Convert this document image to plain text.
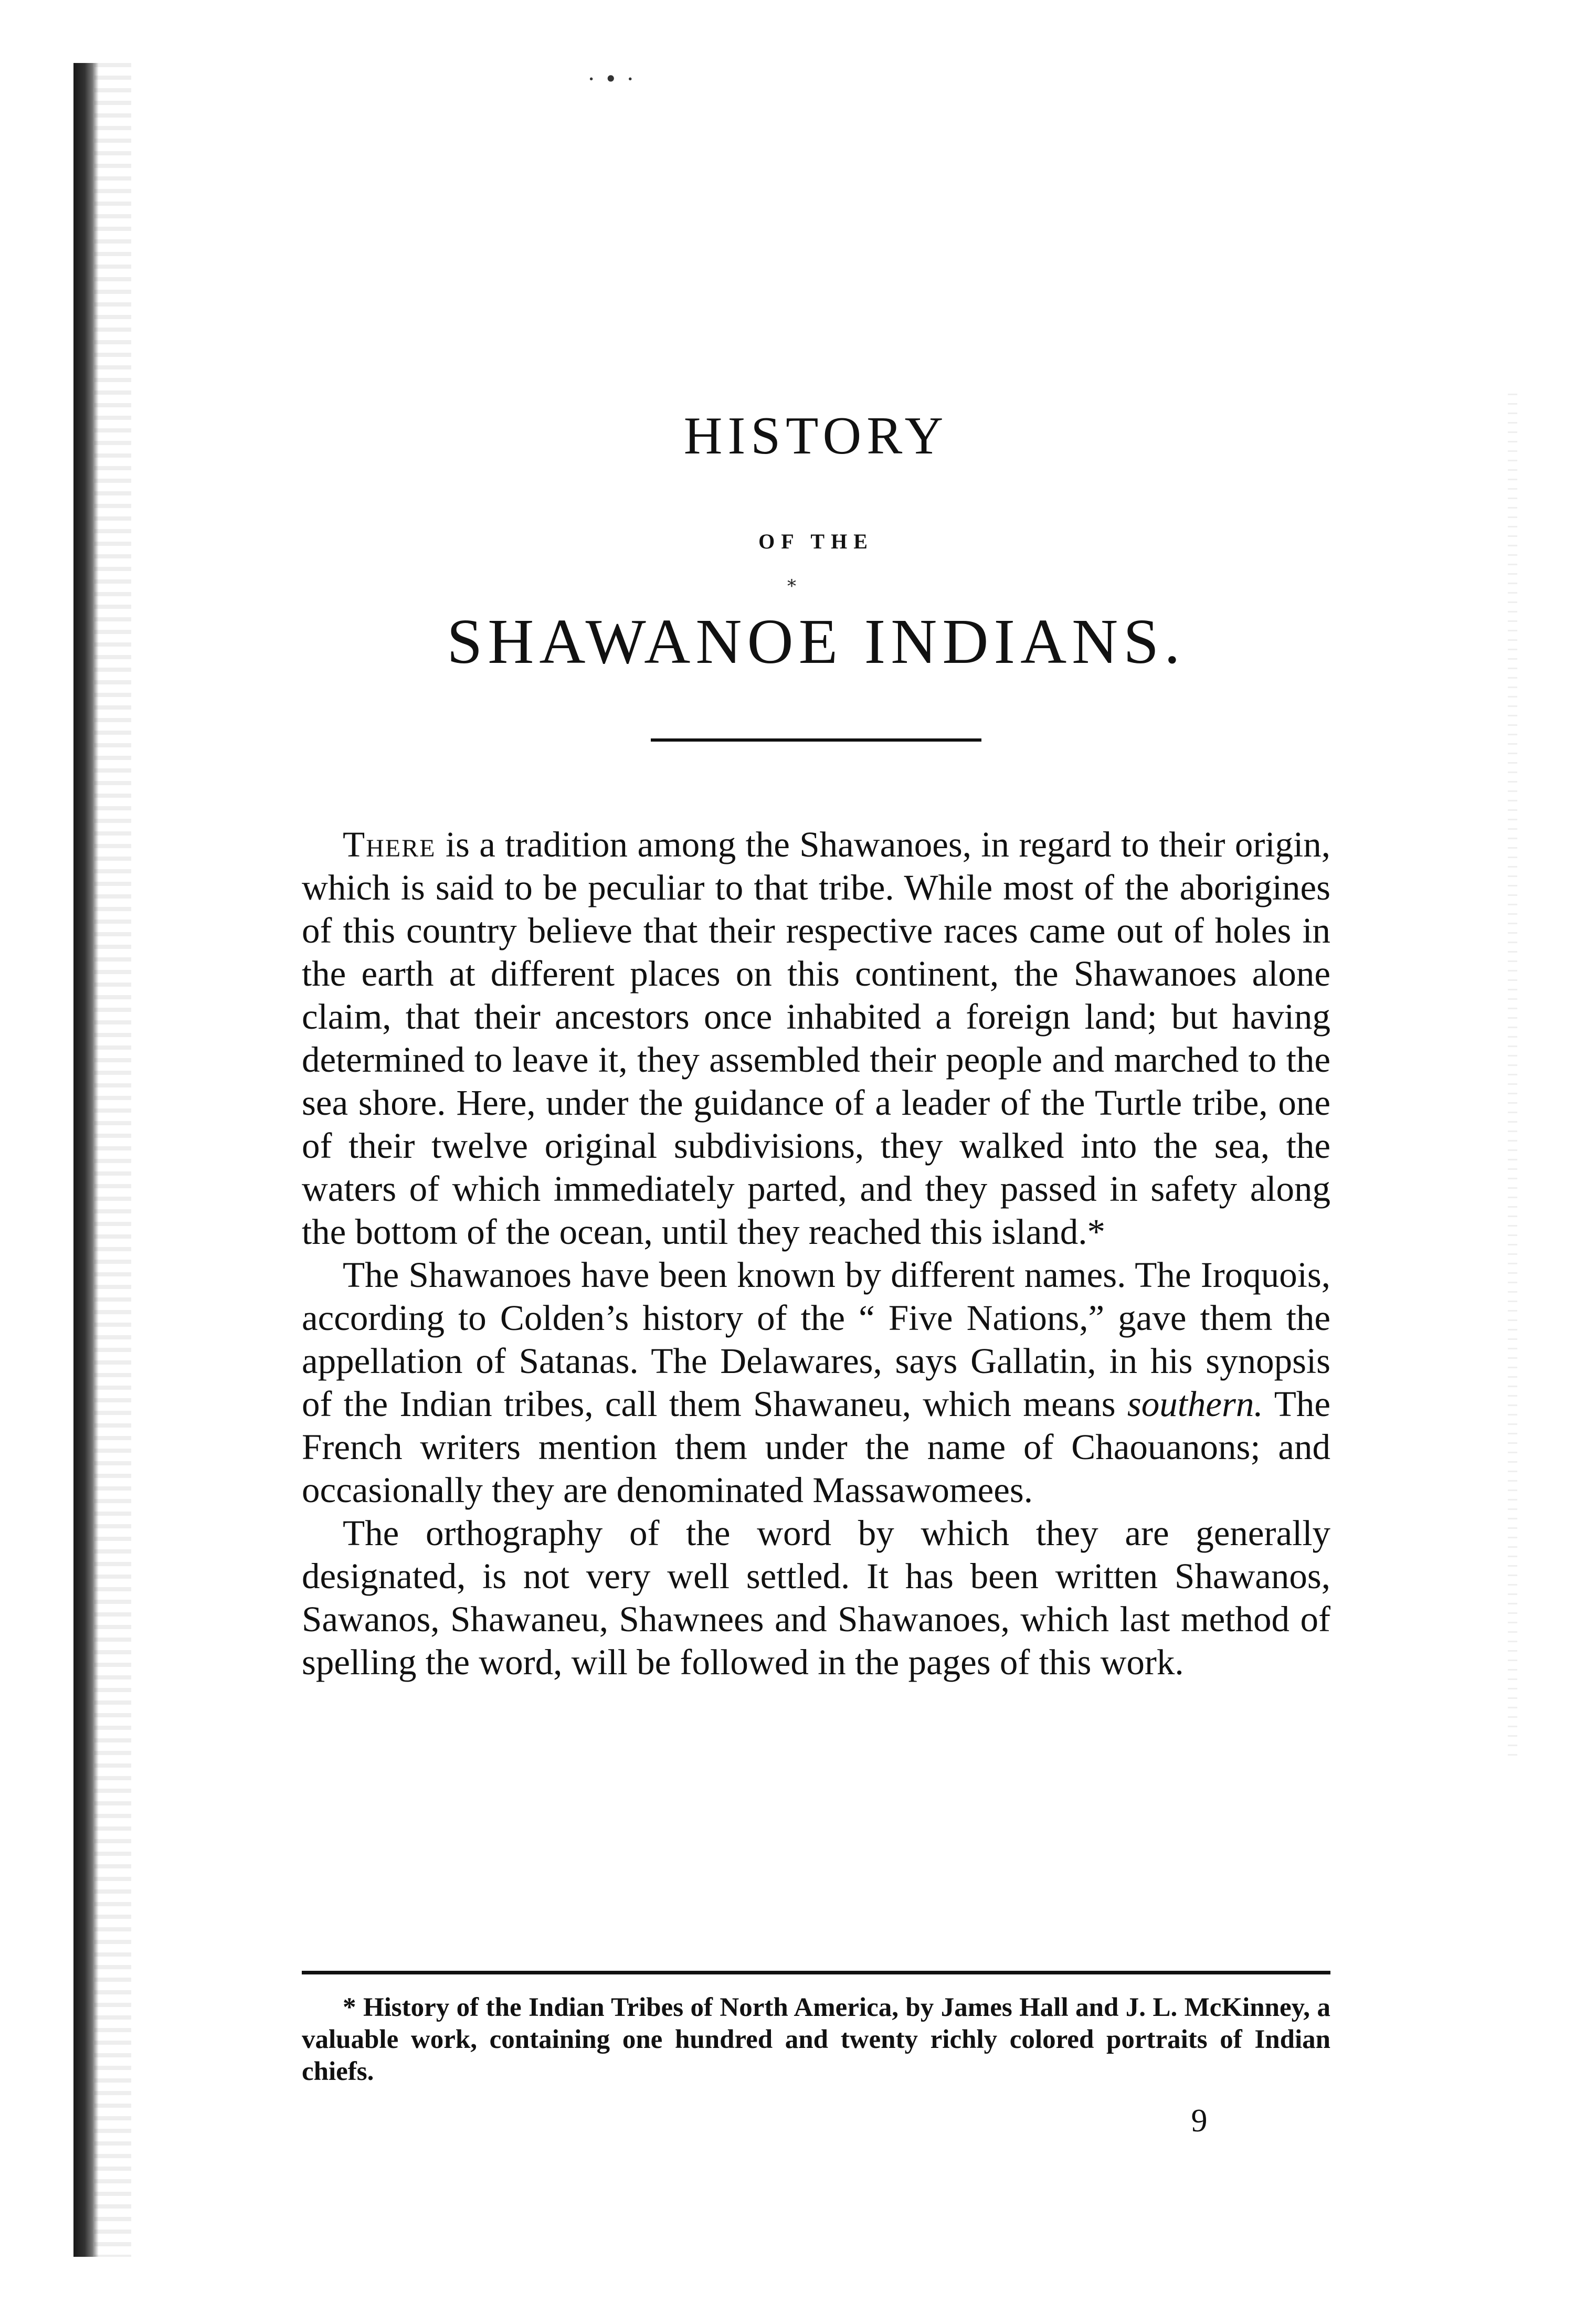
·•·
HISTORY
OF THE
*
SHAWANOE INDIANS.

There is a tradition among the Shawanoes, in regard to their origin, which is said to be peculiar to that tribe. While most of the aborigines of this country believe that their respective races came out of holes in the earth at different places on this continent, the Shawanoes alone claim, that their ancestors once inhabited a foreign land; but having determined to leave it, they assembled their people and marched to the sea shore. Here, under the guidance of a leader of the Turtle tribe, one of their twelve original subdivisions, they walked into the sea, the waters of which immediately parted, and they passed in safety along the bottom of the ocean, until they reached this island.*

The Shawanoes have been known by different names. The Iroquois, according to Colden’s history of the “ Five Nations,” gave them the appellation of Satanas. The Delawares, says Gallatin, in his synopsis of the Indian tribes, call them Shawaneu, which means southern. The French writers mention them under the name of Chaouanons; and occasionally they are denominated Massawomees.

The orthography of the word by which they are generally designated, is not very well settled. It has been written Shawanos, Sawanos, Shawaneu, Shawnees and Shawanoes, which last method of spelling the word, will be followed in the pages of this work.

* History of the Indian Tribes of North America, by James Hall and J. L. McKinney, a valuable work, containing one hundred and twenty richly colored portraits of Indian chiefs.
9
